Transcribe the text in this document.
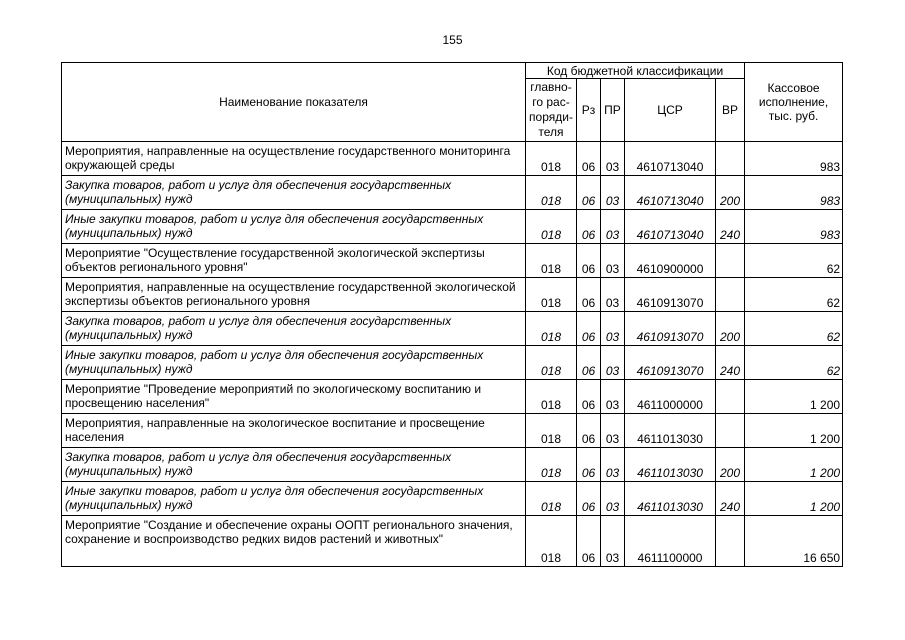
155
Наименование показателя	Код бюджетной классификации					Кассовое исполнение, тыс. руб.
	главно-го рас-поряди-теля	Рз	ПР	ЦСР	ВР	
Мероприятия, направленные на осуществление государственного мониторинга окружающей среды	018	06	03	4610713040		983
Закупка товаров, работ и услуг для обеспечения государственных (муниципальных) нужд	018	06	03	4610713040	200	983
Иные закупки товаров, работ и услуг для обеспечения государственных (муниципальных) нужд	018	06	03	4610713040	240	983
Мероприятие "Осуществление государственной экологической экспертизы объектов регионального уровня"	018	06	03	4610900000		62
Мероприятия, направленные на осуществление государственной экологической экспертизы объектов регионального уровня	018	06	03	4610913070		62
Закупка товаров, работ и услуг для обеспечения государственных (муниципальных) нужд	018	06	03	4610913070	200	62
Иные закупки товаров, работ и услуг для обеспечения государственных (муниципальных) нужд	018	06	03	4610913070	240	62
Мероприятие "Проведение мероприятий по экологическому воспитанию и просвещению населения"	018	06	03	4611000000		1 200
Мероприятия, направленные на экологическое воспитание и просвещение населения	018	06	03	4611013030		1 200
Закупка товаров, работ и услуг для обеспечения государственных (муниципальных) нужд	018	06	03	4611013030	200	1 200
Иные закупки товаров, работ и услуг для обеспечения государственных (муниципальных) нужд	018	06	03	4611013030	240	1 200
Мероприятие "Создание и обеспечение охраны ООПТ регионального значения, сохранение и воспроизводство редких видов растений и животных"	018	06	03	4611100000		16 650
